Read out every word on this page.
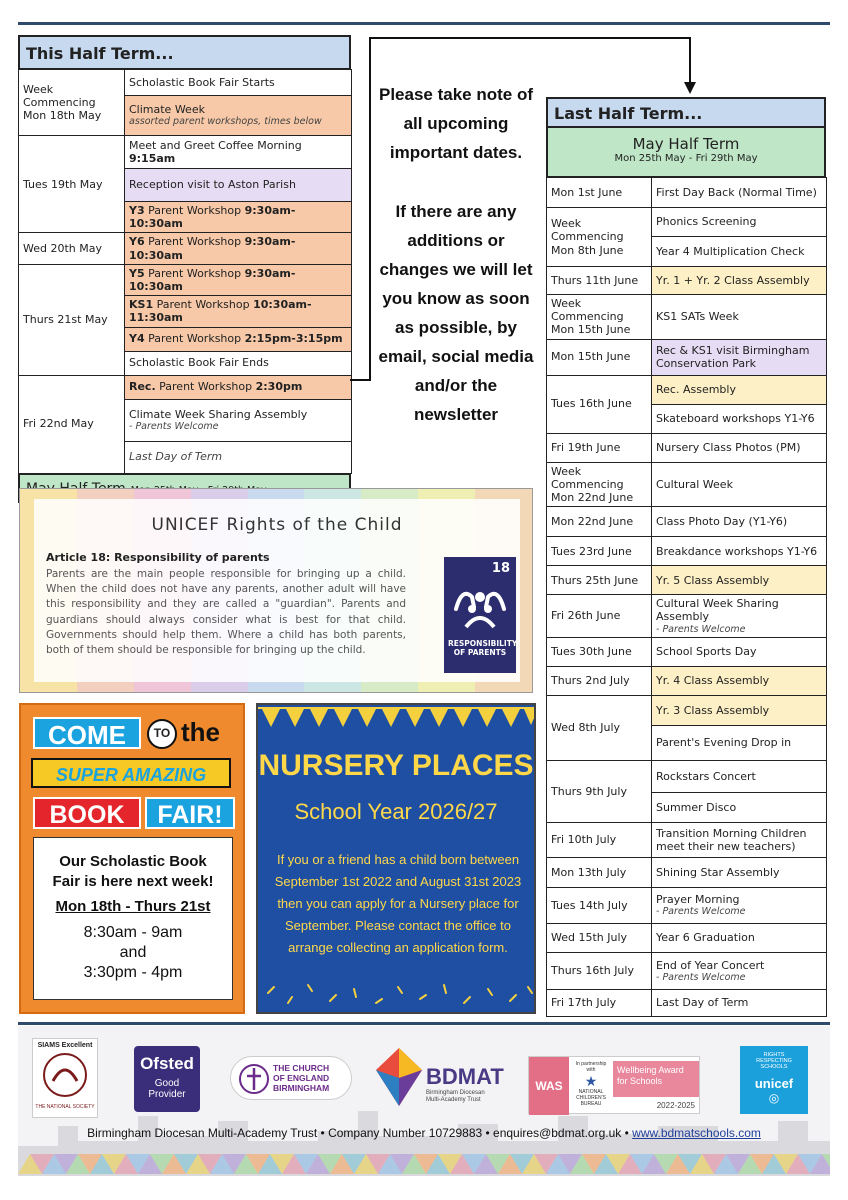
This Half Term...
Week Commencing Mon 18th May	Scholastic Book Fair Starts
	Climate Week
assorted parent workshops, times below

Tues 19th May	Meet and Greet Coffee Morning 9:15am
	Reception visit to Aston Parish
	Y3 Parent Workshop 9:30am-10:30am
Wed 20th May	Y6 Parent Workshop 9:30am-10:30am
Thurs 21st May	Y5 Parent Workshop 9:30am-10:30am
	KS1 Parent Workshop 10:30am-11:30am
	Y4 Parent Workshop 2:15pm-3:15pm
	Scholastic Book Fair Ends
Fri 22nd May	Rec. Parent Workshop 2:30pm
	Climate Week Sharing Assembly
- Parents Welcome

	Last Day of Term
Please take note of all upcoming important dates.
If there are any additions or changes we will let you know as soon as possible, by email, social media and/or the newsletter
Last Half Term...
May Half Term
Mon 25th May - Fri 29th May
Mon 1st June	First Day Back (Normal Time)
Week Commencing Mon 8th June	Phonics Screening
	Year 4 Multiplication Check
Thurs 11th June	Yr. 1 + Yr. 2 Class Assembly
Week Commencing Mon 15th June	KS1 SATs Week
Mon 15th June	Rec & KS1 visit Birmingham Conservation Park
Tues 16th June	Rec. Assembly
	Skateboard workshops Y1-Y6
Fri 19th June	Nursery Class Photos (PM)
Week Commencing Mon 22nd June	Cultural Week
Mon 22nd June	Class Photo Day (Y1-Y6)
Tues 23rd June	Breakdance workshops Y1-Y6
Thurs 25th June	Yr. 5 Class Assembly
Fri 26th June	Cultural Week Sharing Assembly
- Parents Welcome

Tues 30th June	School Sports Day
Thurs 2nd July	Yr. 4 Class Assembly
Wed 8th July	Yr. 3 Class Assembly
	Parent's Evening Drop in
Thurs 9th July	Rockstars Concert
	Summer Disco
Fri 10th July	Transition Morning Children meet their new teachers)
Mon 13th July	Shining Star Assembly
Tues 14th July	Prayer Morning
- Parents Welcome

Wed 15th July	Year 6 Graduation
Thurs 16th July	End of Year Concert
- Parents Welcome

Fri 17th July	Last Day of Term
UNICEF Rights of the Child
Article 18: Responsibility of parents
Parents are the main people responsible for bringing up a child. When the child does not have any parents, another adult will have this responsibility and they are called a "guardian". Parents and guardians should always consider what is best for that child. Governments should help them. Where a child has both parents, both of them should be responsible for bringing up the child.
18
RESPONSIBILITY OF PARENTS
COME	TO the
SUPER AMAZING
BOOK	FAIR!
Our Scholastic Book Fair is here next week!
Mon 18th - Thurs 21st
8:30am - 9am
and
3:30pm - 4pm
NURSERY PLACES
School Year 2026/27
If you or a friend has a child born between September 1st 2022 and August 31st 2023 then you can apply for a Nursery place for September. Please contact the office to arrange collecting an application form.
SIAMS Excellent
THE NATIONAL SOCIETY
Ofsted
Good
Provider
THE CHURCH
OF ENGLAND
BIRMINGHAM	BDMAT
Birmingham Diocesan
Multi-Academy Trust
WAS
In partnership with
★
NATIONAL CHILDREN'S BUREAU
Wellbeing Award for Schools
2022-2025
RIGHTS RESPECTING SCHOOLS
unicef
◎
Birmingham Diocesan Multi-Academy Trust • Company Number 10729883 • enquires@bdmat.org.uk • www.bdmatschools.com
